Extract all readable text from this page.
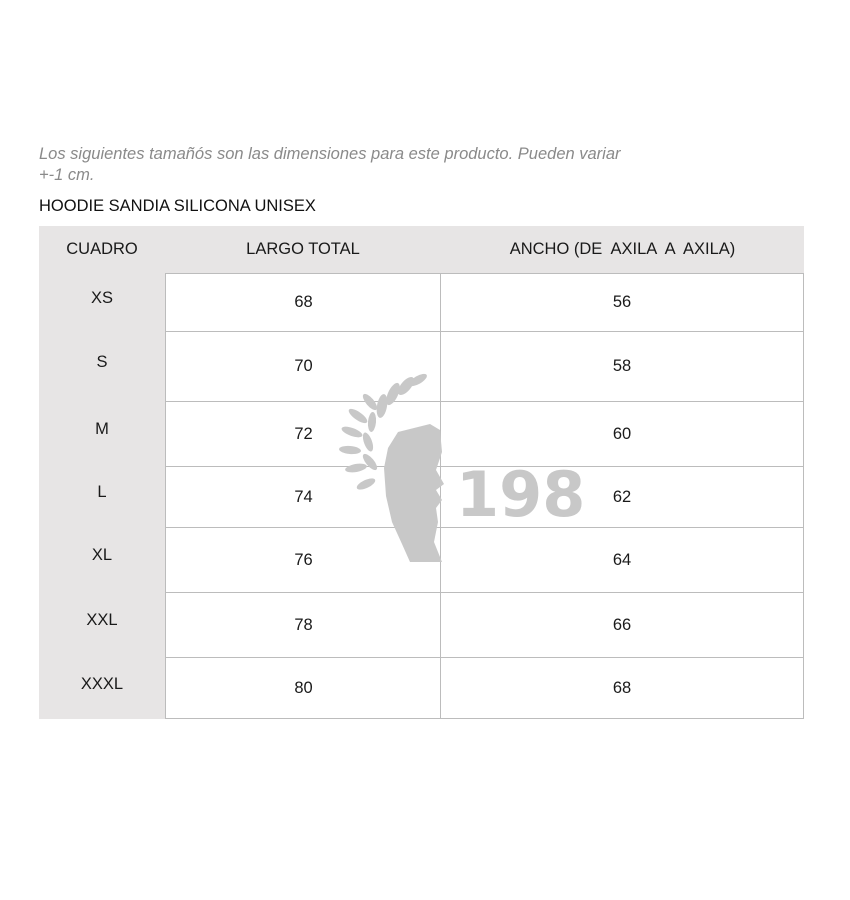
Los siguientes tamañós son las dimensiones para este producto. Pueden variar
+-1 cm.
HOODIE SANDIA SILICONA UNISEX
CUADRO	LARGO TOTAL	ANCHO (DE  AXILA  A  AXILA)
XS	68	56
S	70	58
M	72	60
L	74	62
XL	76	64
XXL	78	66
XXXL	80	68
198
